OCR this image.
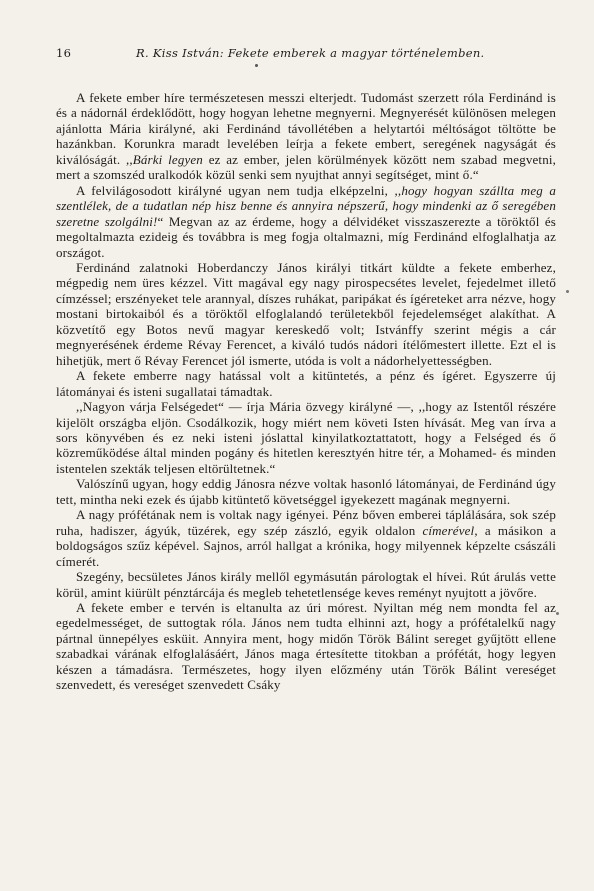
16	R. Kiss István: Fekete emberek a magyar történelemben.

A fekete ember híre természetesen messzi elterjedt. Tudomást szerzett róla Ferdinánd is és a nádornál érdeklődött, hogy hogyan lehetne megnyerni. Megnyerését különösen melegen ajánlotta Mária királyné, aki Ferdinánd távollétében a helytartói méltóságot töltötte be hazánkban. Korunkra maradt levelében leírja a fekete embert, seregének nagyságát és kiválóságát. ,,Bárki legyen ez az ember, jelen körülmények között nem szabad megvetni, mert a szomszéd uralkodók közül senki sem nyujthat annyi segítséget, mint ő.“

A felvilágosodott királyné ugyan nem tudja elképzelni, ,,hogy hogyan szállta meg a szentlélek, de a tudatlan nép hisz benne és annyira népszerű, hogy mindenki az ő seregében szeretne szolgálni!“ Megvan az az érdeme, hogy a délvidéket visszaszerezte a töröktől és megoltalmazta ezideig és továbbra is meg fogja oltalmazni, míg Ferdinánd elfoglalhatja az országot.

Ferdinánd zalatnoki Hoberdanczy János királyi titkárt küldte a fekete emberhez, mégpedig nem üres kézzel. Vitt magával egy nagy pirospecsétes levelet, fejedelmet illető címzéssel; erszényeket tele arannyal, díszes ruhákat, paripákat és ígéreteket arra nézve, hogy mostani birtokaiból és a töröktől elfoglalandó területekből fejedelemséget alakíthat. A közvetítő egy Botos nevű magyar kereskedő volt; Istvánffy szerint mégis a cár megnyerésének érdeme Révay Ferencet, a kiváló tudós nádori ítélőmestert illette. Ezt el is hihetjük, mert ő Révay Ferencet jól ismerte, utóda is volt a nádorhelyettességben.

A fekete emberre nagy hatással volt a kitüntetés, a pénz és ígéret. Egyszerre új látományai és isteni sugallatai támadtak.

,,Nagyon várja Felségedet“ — írja Mária özvegy királyné —, ,,hogy az Istentől részére kijelölt országba eljön. Csodálkozik, hogy miért nem követi Isten hívását. Meg van írva a sors könyvében és ez neki isteni jóslattal kinyilatkoztattatott, hogy a Felséged és ő közreműködése által minden pogány és hitetlen keresztyén hitre tér, a Mohamed- és minden istentelen szekták teljesen eltörültetnek.“

Valószínű ugyan, hogy eddig Jánosra nézve voltak hasonló látományai, de Ferdinánd úgy tett, mintha neki ezek és újabb kitüntető követséggel igyekezett magának megnyerni.

A nagy prófétának nem is voltak nagy igényei. Pénz bőven emberei táplálására, sok szép ruha, hadiszer, ágyúk, tüzérek, egy szép zászló, egyik oldalon címerével, a másikon a boldogságos szűz képével. Sajnos, arról hallgat a krónika, hogy milyennek képzelte császáli címerét.

Szegény, becsületes János király mellől egymásután párologtak el hívei. Rút árulás vette körül, amint kiürült pénztárcája és megleb tehetetlensége keves reményt nyujtott a jövőre.

A fekete ember e tervén is eltanulta az úri mórest. Nyiltan még nem mondta fel az egedelmességet, de suttogtak róla. János nem tudta elhinni azt, hogy a prófétalelkű nagy pártnal ünnepélyes esküit. Annyira ment, hogy midőn Török Bálint sereget gyűjtött ellene szabadkai várának elfoglalásáért, János maga értesítette titokban a prófétát, hogy legyen készen a támadásra. Természetes, hogy ilyen előzmény után Török Bálint vereséget szenvedett, és vereséget szenvedett Csáky
